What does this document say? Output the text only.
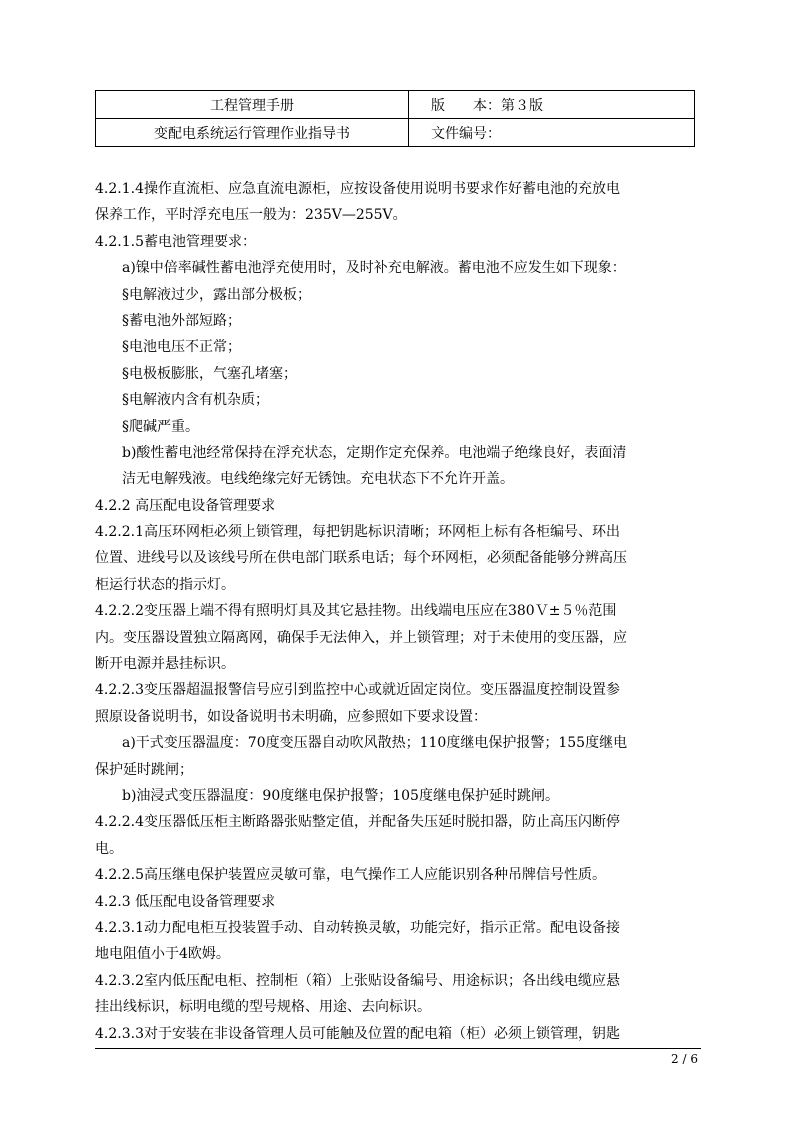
工程管理手册	版　　本：第３版
变配电系统运行管理作业指导书	文件编号：
4.2.1.4操作直流柜、应急直流电源柜，应按设备使用说明书要求作好蓄电池的充放电
保养工作，平时浮充电压一般为：235V—255V。
4.2.1.5蓄电池管理要求：
a)镍中倍率碱性蓄电池浮充使用时，及时补充电解液。蓄电池不应发生如下现象：
§电解液过少，露出部分极板；
§蓄电池外部短路；
§电池电压不正常；
§电极板膨胀，气塞孔堵塞；
§电解液内含有机杂质；
§爬碱严重。
b)酸性蓄电池经常保持在浮充状态，定期作定充保养。电池端子绝缘良好，表面清
洁无电解残液。电线绝缘完好无锈蚀。充电状态下不允许开盖。
4.2.2 高压配电设备管理要求
4.2.2.1高压环网柜必须上锁管理，每把钥匙标识清晰；环网柜上标有各柜编号、环出
位置、进线号以及该线号所在供电部门联系电话；每个环网柜，必须配备能够分辨高压
柜运行状态的指示灯。
4.2.2.2变压器上端不得有照明灯具及其它悬挂物。出线端电压应在380Ｖ±５％范围
内。变压器设置独立隔离网，确保手无法伸入，并上锁管理；对于未使用的变压器，应
断开电源并悬挂标识。
4.2.2.3变压器超温报警信号应引到监控中心或就近固定岗位。变压器温度控制设置参
照原设备说明书，如设备说明书未明确，应参照如下要求设置：
a)干式变压器温度：70度变压器自动吹风散热；110度继电保护报警；155度继电
保护延时跳闸；
b)油浸式变压器温度：90度继电保护报警；105度继电保护延时跳闸。
4.2.2.4变压器低压柜主断路器张贴整定值，并配备失压延时脱扣器，防止高压闪断停
电。
4.2.2.5高压继电保护装置应灵敏可靠，电气操作工人应能识别各种吊牌信号性质。
4.2.3 低压配电设备管理要求
4.2.3.1动力配电柜互投装置手动、自动转换灵敏，功能完好，指示正常。配电设备接
地电阻值小于4欧姆。
4.2.3.2室内低压配电柜、控制柜（箱）上张贴设备编号、用途标识；各出线电缆应悬
挂出线标识，标明电缆的型号规格、用途、去向标识。
4.2.3.3对于安装在非设备管理人员可能触及位置的配电箱（柜）必须上锁管理，钥匙
2 / 6
